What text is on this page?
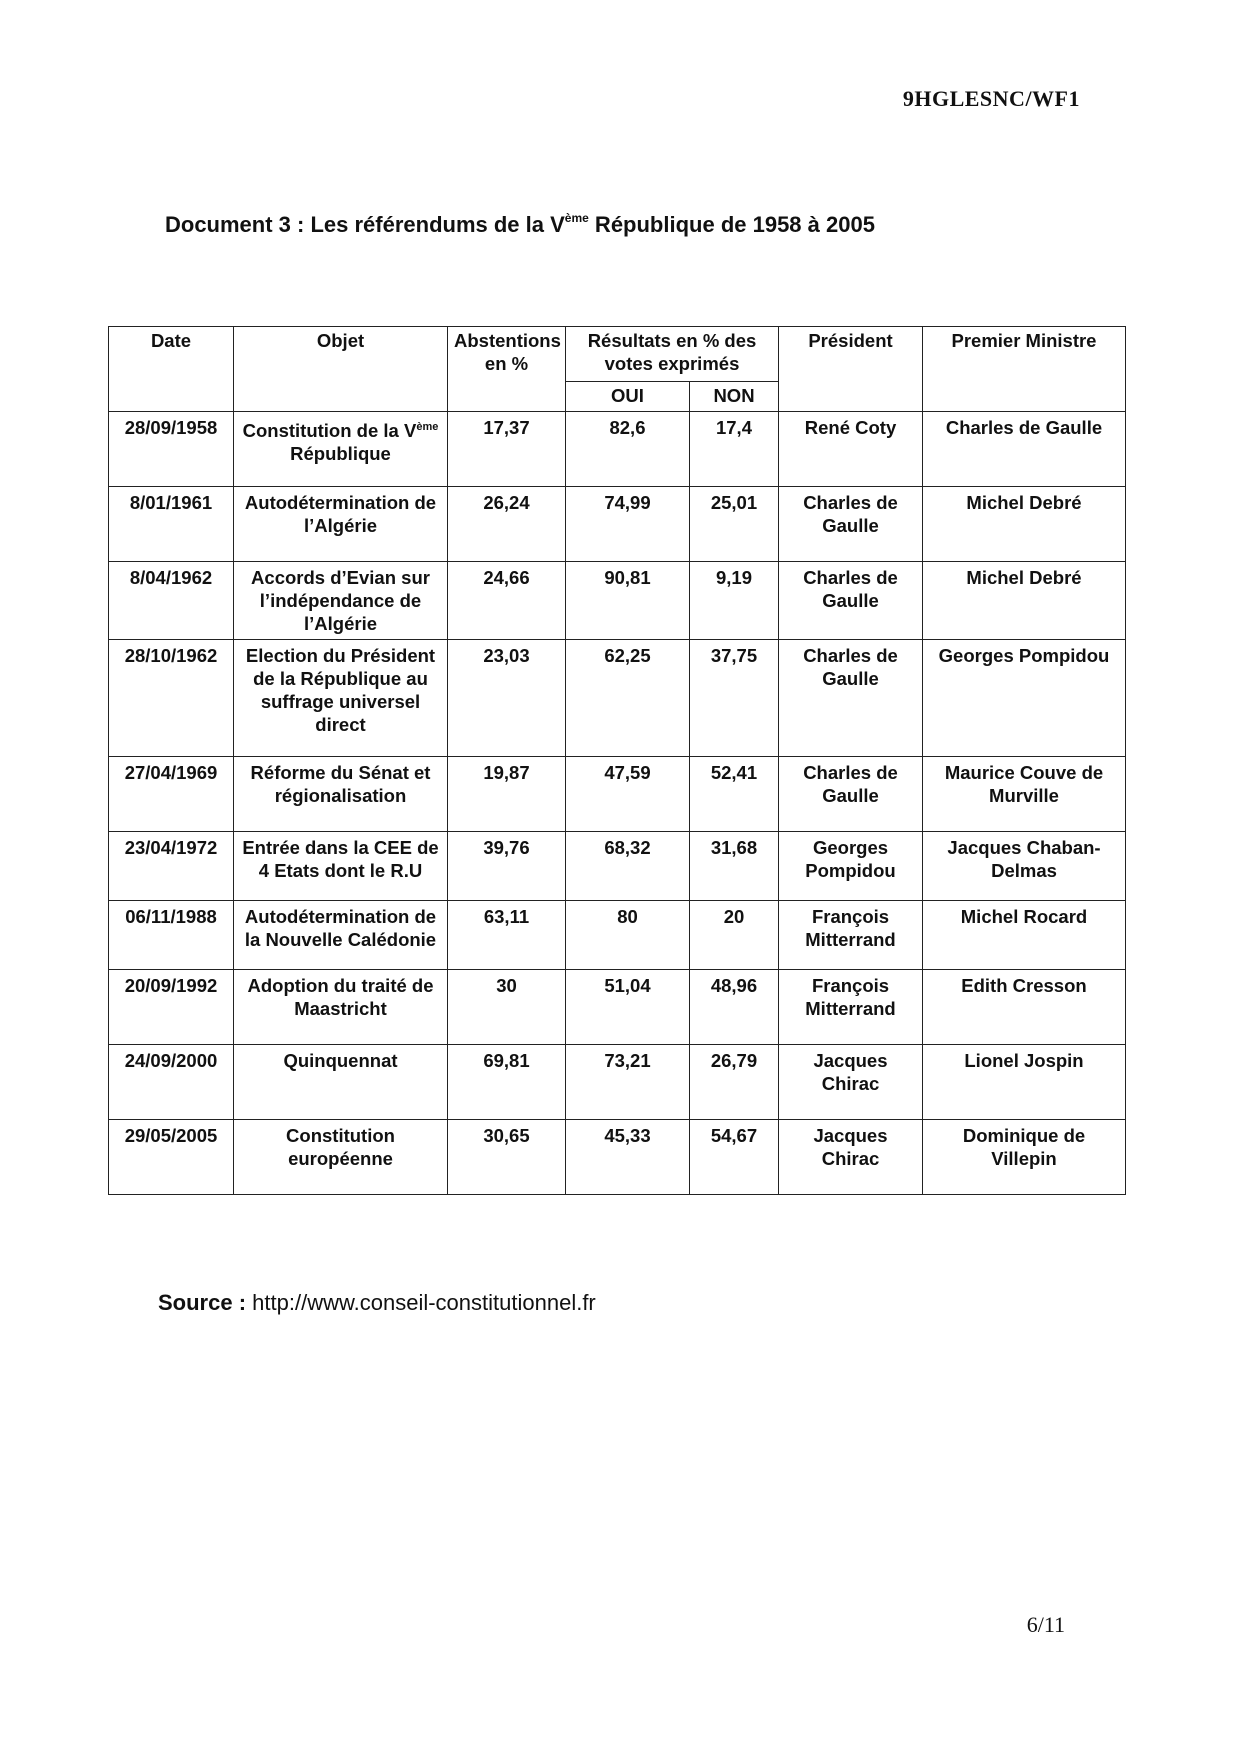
9HGLESNC/WF1
Document 3 : Les référendums de la Vème République de 1958 à 2005
Date	Objet	Abstentions en %	Résultats en % des votes exprimés		Président	Premier Ministre
			OUI	NON		
28/09/1958	Constitution de la Vème République	17,37	82,6	17,4	René Coty	Charles de Gaulle
8/01/1961	Autodétermination de l’Algérie	26,24	74,99	25,01	Charles de Gaulle	Michel Debré
8/04/1962	Accords d’Evian sur l’indépendance de l’Algérie	24,66	90,81	9,19	Charles de Gaulle	Michel Debré
28/10/1962	Election du Président de la République au suffrage universel direct	23,03	62,25	37,75	Charles de Gaulle	Georges Pompidou
27/04/1969	Réforme du Sénat et régionalisation	19,87	47,59	52,41	Charles de Gaulle	Maurice Couve de Murville
23/04/1972	Entrée dans la CEE de 4 Etats dont le R.U	39,76	68,32	31,68	Georges Pompidou	Jacques Chaban-Delmas
06/11/1988	Autodétermination de la Nouvelle Calédonie	63,11	80	20	François Mitterrand	Michel Rocard
20/09/1992	Adoption du traité de Maastricht	30	51,04	48,96	François Mitterrand	Edith Cresson
24/09/2000	Quinquennat	69,81	73,21	26,79	Jacques Chirac	Lionel Jospin
29/05/2005	Constitution européenne	30,65	45,33	54,67	Jacques Chirac	Dominique de Villepin
Source : http://www.conseil-constitutionnel.fr
6/11
